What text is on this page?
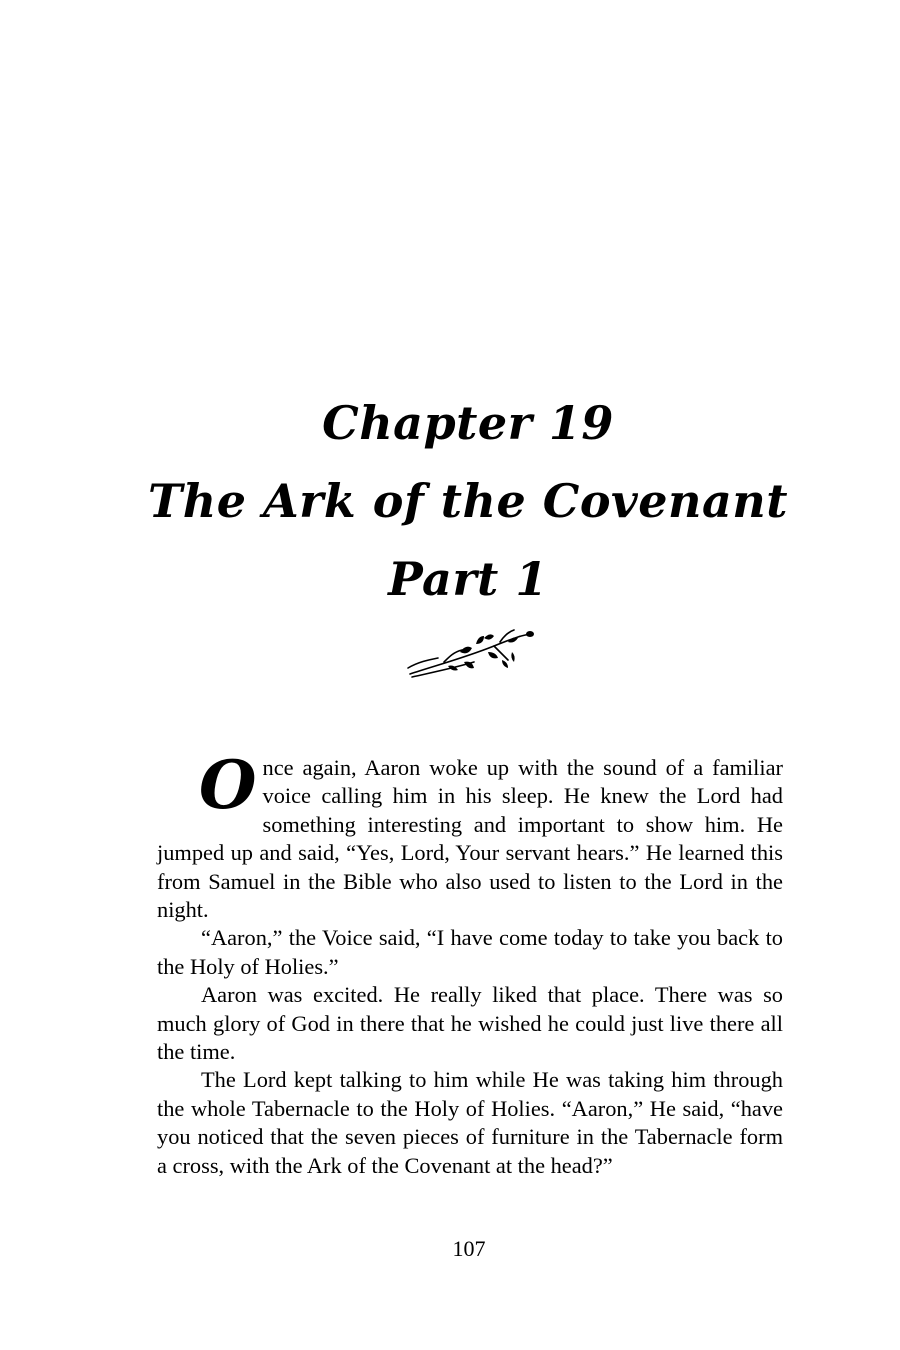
Chapter 19
The Ark of the Covenant
Part 1

Once again, Aaron woke up with the sound of a familiar voice calling him in his sleep. He knew the Lord had something interesting and important to show him. He jumped up and said, “Yes, Lord, Your servant hears.” He learned this from Samuel in the Bible who also used to listen to the Lord in the night.

“Aaron,” the Voice said, “I have come today to take you back to the Holy of Holies.”

Aaron was excited. He really liked that place. There was so much glory of God in there that he wished he could just live there all the time.

The Lord kept talking to him while He was taking him through the whole Tabernacle to the Holy of Holies. “Aaron,” He said, “have you noticed that the seven pieces of furniture in the Tabernacle form a cross, with the Ark of the Covenant at the head?”

107
